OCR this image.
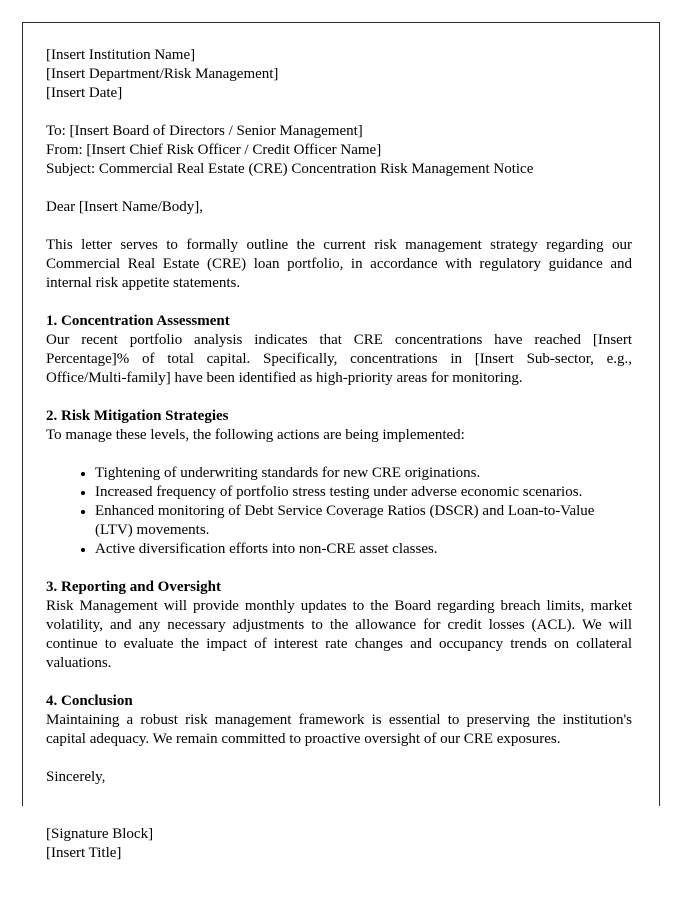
[Insert Institution Name]
[Insert Department/Risk Management]
[Insert Date]
To: [Insert Board of Directors / Senior Management]
From: [Insert Chief Risk Officer / Credit Officer Name]
Subject: Commercial Real Estate (CRE) Concentration Risk Management Notice
Dear [Insert Name/Body],
This letter serves to formally outline the current risk management strategy regarding our Commercial Real Estate (CRE) loan portfolio, in accordance with regulatory guidance and internal risk appetite statements.
1. Concentration Assessment
Our recent portfolio analysis indicates that CRE concentrations have reached [Insert Percentage]% of total capital. Specifically, concentrations in [Insert Sub-sector, e.g., Office/Multi-family] have been identified as high-priority areas for monitoring.
2. Risk Mitigation Strategies
To manage these levels, the following actions are being implemented:
• Tightening of underwriting standards for new CRE originations.
• Increased frequency of portfolio stress testing under adverse economic scenarios.
• Enhanced monitoring of Debt Service Coverage Ratios (DSCR) and Loan-to-Value (LTV) movements.
• Active diversification efforts into non-CRE asset classes.
3. Reporting and Oversight
Risk Management will provide monthly updates to the Board regarding breach limits, market volatility, and any necessary adjustments to the allowance for credit losses (ACL). We will continue to evaluate the impact of interest rate changes and occupancy trends on collateral valuations.
4. Conclusion
Maintaining a robust risk management framework is essential to preserving the institution's capital adequacy. We remain committed to proactive oversight of our CRE exposures.
Sincerely,
[Signature Block]
[Insert Title]
